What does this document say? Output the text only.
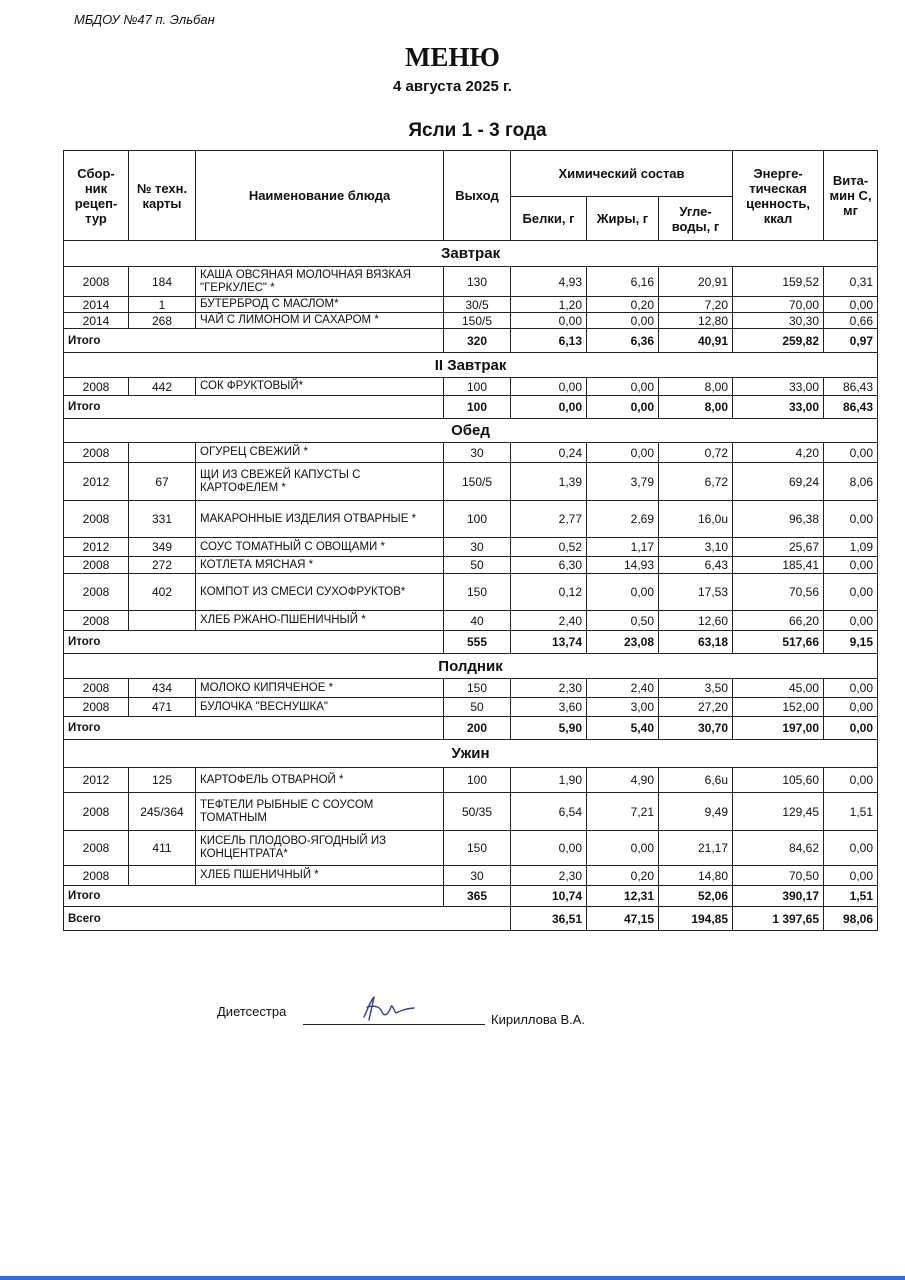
МБДОУ №47 п. Эльбан
МЕНЮ
4 августа 2025 г.
Ясли 1 - 3 года
Сбор-ник рецеп-тур	№ техн. карты	Наименование блюда	Выход	Химический состав			Энерге-тическая ценность, ккал	Вита-мин С, мг
				Белки, г	Жиры, г	Угле-воды, г		
Завтрак								
2008	184	КАША ОВСЯНАЯ МОЛОЧНАЯ ВЯЗКАЯ "ГЕРКУЛЕС" *	130	4,93	6,16	20,91	159,52	0,31
2014	1	БУТЕРБРОД С МАСЛОМ*	30/5	1,20	0,20	7,20	70,00	0,00
2014	268	ЧАЙ С ЛИМОНОМ И САХАРОМ *	150/5	0,00	0,00	12,80	30,30	0,66
Итого			320	6,13	6,36	40,91	259,82	0,97
II Завтрак								
2008	442	СОК ФРУКТОВЫЙ*	100	0,00	0,00	8,00	33,00	86,43
Итого			100	0,00	0,00	8,00	33,00	86,43
Обед								
2008		ОГУРЕЦ СВЕЖИЙ *	30	0,24	0,00	0,72	4,20	0,00
2012	67	ЩИ ИЗ СВЕЖЕЙ КАПУСТЫ С КАРТОФЕЛЕМ *	150/5	1,39	3,79	6,72	69,24	8,06
2008	331	МАКАРОННЫЕ ИЗДЕЛИЯ ОТВАРНЫЕ *	100	2,77	2,69	16,0u	96,38	0,00
2012	349	СОУС ТОМАТНЫЙ С ОВОЩАМИ *	30	0,52	1,17	3,10	25,67	1,09
2008	272	КОТЛЕТА МЯСНАЯ *	50	6,30	14,93	6,43	185,41	0,00
2008	402	КОМПОТ ИЗ СМЕСИ СУХОФРУКТОВ*	150	0,12	0,00	17,53	70,56	0,00
2008		ХЛЕБ РЖАНО-ПШЕНИЧНЫЙ *	40	2,40	0,50	12,60	66,20	0,00
Итого			555	13,74	23,08	63,18	517,66	9,15
Полдник								
2008	434	МОЛОКО КИПЯЧЕНОЕ *	150	2,30	2,40	3,50	45,00	0,00
2008	471	БУЛОЧКА "ВЕСНУШКА"	50	3,60	3,00	27,20	152,00	0,00
Итого			200	5,90	5,40	30,70	197,00	0,00
Ужин								
2012	125	КАРТОФЕЛЬ ОТВАРНОЙ *	100	1,90	4,90	6,6u	105,60	0,00
2008	245/364	ТЕФТЕЛИ РЫБНЫЕ С СОУСОМ ТОМАТНЫМ	50/35	6,54	7,21	9,49	129,45	1,51
2008	411	КИСЕЛЬ ПЛОДОВО-ЯГОДНЫЙ ИЗ КОНЦЕНТРАТА*	150	0,00	0,00	21,17	84,62	0,00
2008		ХЛЕБ ПШЕНИЧНЫЙ *	30	2,30	0,20	14,80	70,50	0,00
Итого			365	10,74	12,31	52,06	390,17	1,51
Всего				36,51	47,15	194,85	1 397,65	98,06
Диетсестра
Кириллова В.А.
